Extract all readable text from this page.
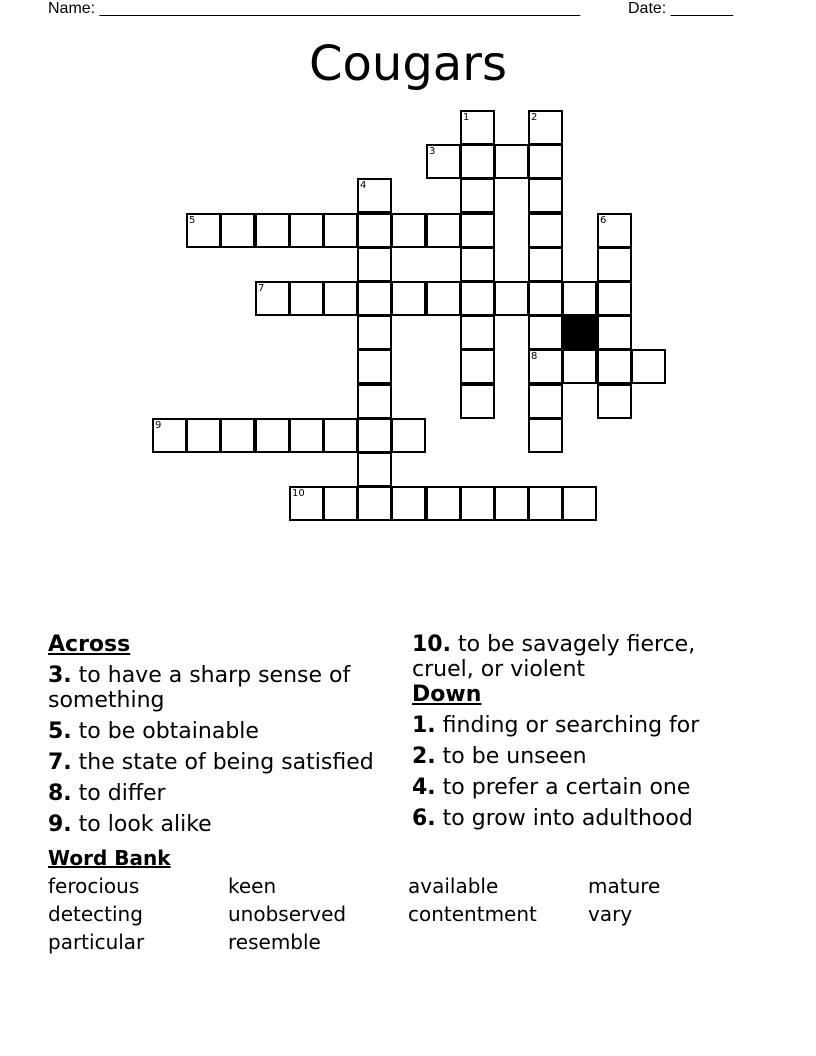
Name: ______________________________________________________	Date: _______
Cougars
3
5
7
8
9
10
1	2
4
6
Across
3. to have a sharp sense of something
5. to be obtainable
7. the state of being satisfied
8. to differ
9. to look alike
10. to be savagely fierce, cruel, or violent
Down
1. finding or searching for
2. to be unseen
4. to prefer a certain one
6. to grow into adulthood
Word Bank
ferocious	keen	available	mature
detecting	unobserved	contentment	vary
particular	resemble
